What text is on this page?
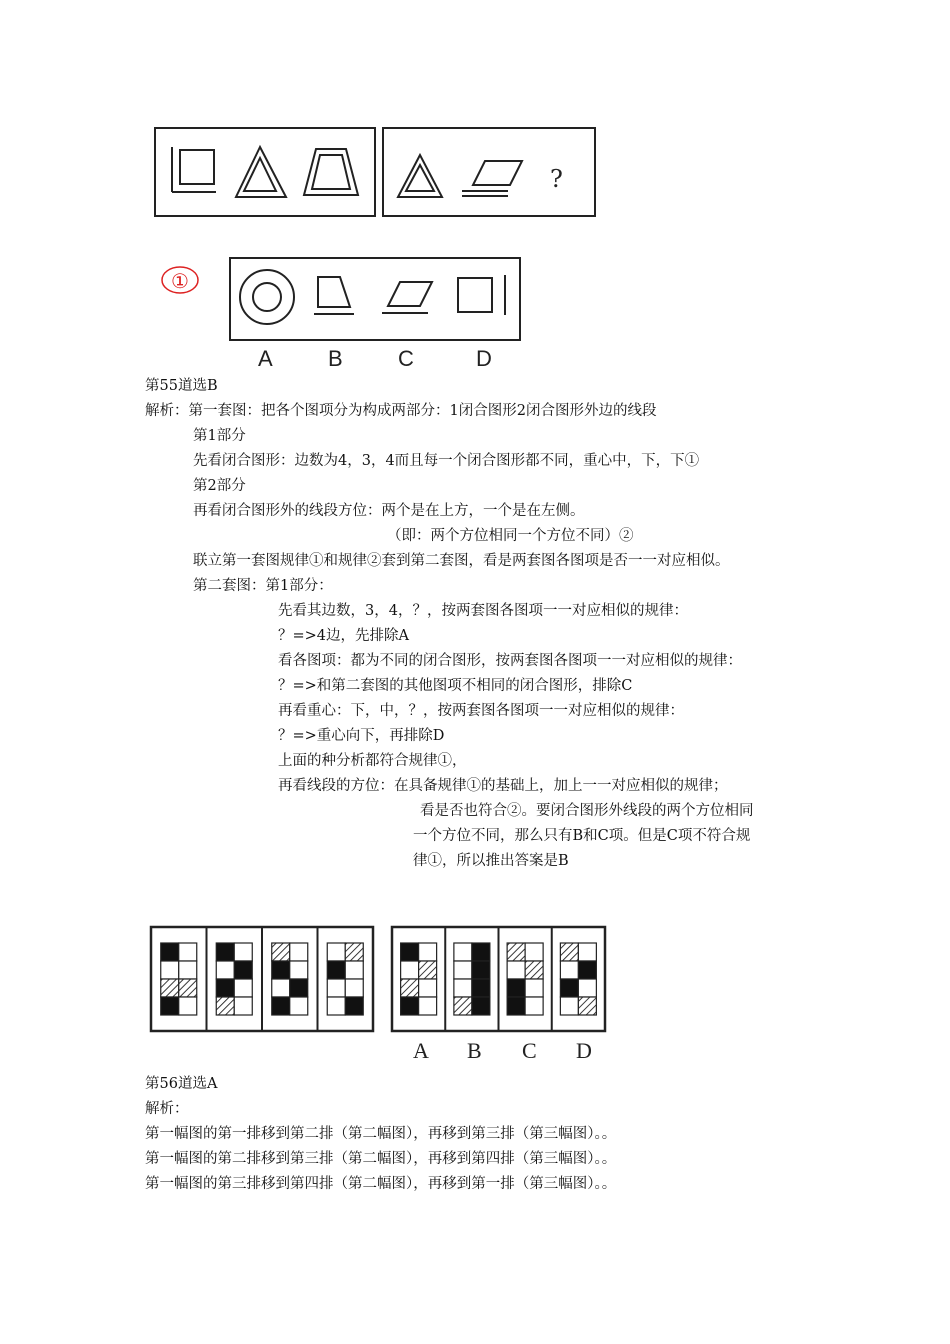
?
①
A	B	C	D
第55道选B
解析：第一套图：把各个图项分为构成两部分：1闭合图形2闭合图形外边的线段
第1部分
先看闭合图形：边数为4，3，4而且每一个闭合图形都不同，重心中，下，下①
第2部分
再看闭合图形外的线段方位：两个是在上方，一个是在左侧。
（即：两个方位相同一个方位不同）②
联立第一套图规律①和规律②套到第二套图，看是两套图各图项是否一一对应相似。
第二套图：第1部分：
先看其边数，3，4，？，按两套图各图项一一对应相似的规律：
？=>4边，先排除A
看各图项：都为不同的闭合图形，按两套图各图项一一对应相似的规律：
？=>和第二套图的其他图项不相同的闭合图形，排除C
再看重心：下，中，？，按两套图各图项一一对应相似的规律：
？=>重心向下，再排除D
上面的种分析都符合规律①，
再看线段的方位：在具备规律①的基础上，加上一一对应相似的规律；
看是否也符合②。要闭合图形外线段的两个方位相同
一个方位不同，那么只有B和C项。但是C项不符合规
律①，所以推出答案是B
A B C D
第56道选A
解析：
第一幅图的第一排移到第二排（第二幅图），再移到第三排（第三幅图）。。
第一幅图的第二排移到第三排（第二幅图），再移到第四排（第三幅图）。。
第一幅图的第三排移到第四排（第二幅图），再移到第一排（第三幅图）。。
